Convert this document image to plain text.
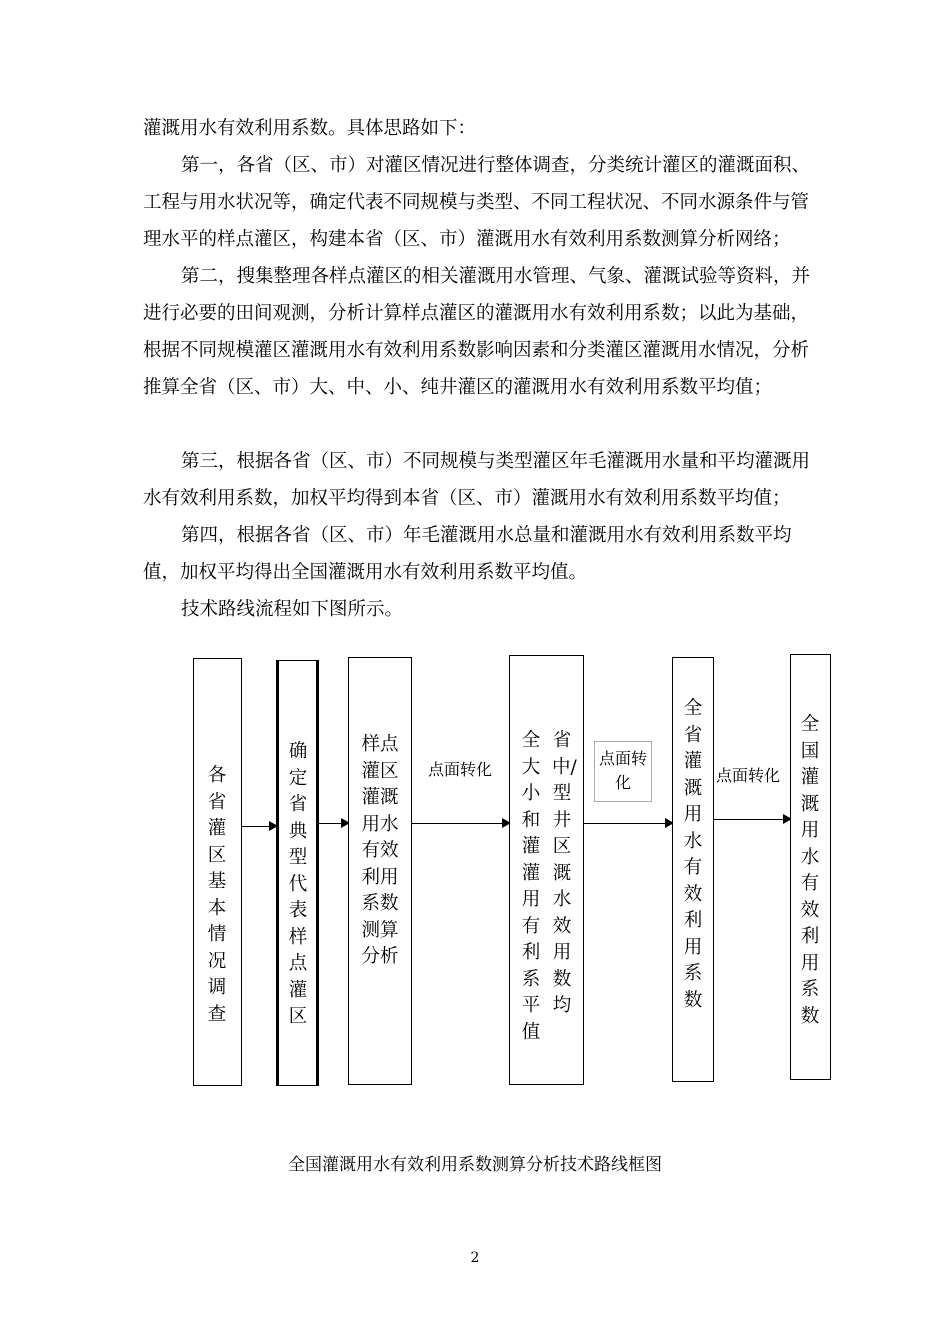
灌溉用水有效利用系数。具体思路如下：

第一，各省（区、市）对灌区情况进行整体调查，分类统计灌区的灌溉面积、工程与用水状况等，确定代表不同规模与类型、不同工程状况、不同水源条件与管理水平的样点灌区，构建本省（区、市）灌溉用水有效利用系数测算分析网络；

第二，搜集整理各样点灌区的相关灌溉用水管理、气象、灌溉试验等资料，并进行必要的田间观测，分析计算样点灌区的灌溉用水有效利用系数；以此为基础，根据不同规模灌区灌溉用水有效利用系数影响因素和分类灌区灌溉用水情况，分析推算全省（区、市）大、中、小、纯井灌区的灌溉用水有效利用系数平均值；

第三，根据各省（区、市）不同规模与类型灌区年毛灌溉用水量和平均灌溉用水有效利用系数，加权平均得到本省（区、市）灌溉用水有效利用系数平均值；

第四，根据各省（区、市）年毛灌溉用水总量和灌溉用水有效利用系数平均值，加权平均得出全国灌溉用水有效利用系数平均值。

技术路线流程如下图所示。

各省灌区基本情况调查
确定省典型代表样点灌区
样点
灌区
灌溉
用水
有效
利用
系数
测算
分析
点面转化
全大小和灌灌用有利系平值
省中/型井区溉水效用数均
点面转化
全省灌溉用水有效利用系数
点面转化
全国灌溉用水有效利用系数
全国灌溉用水有效利用系数测算分析技术路线框图
2
